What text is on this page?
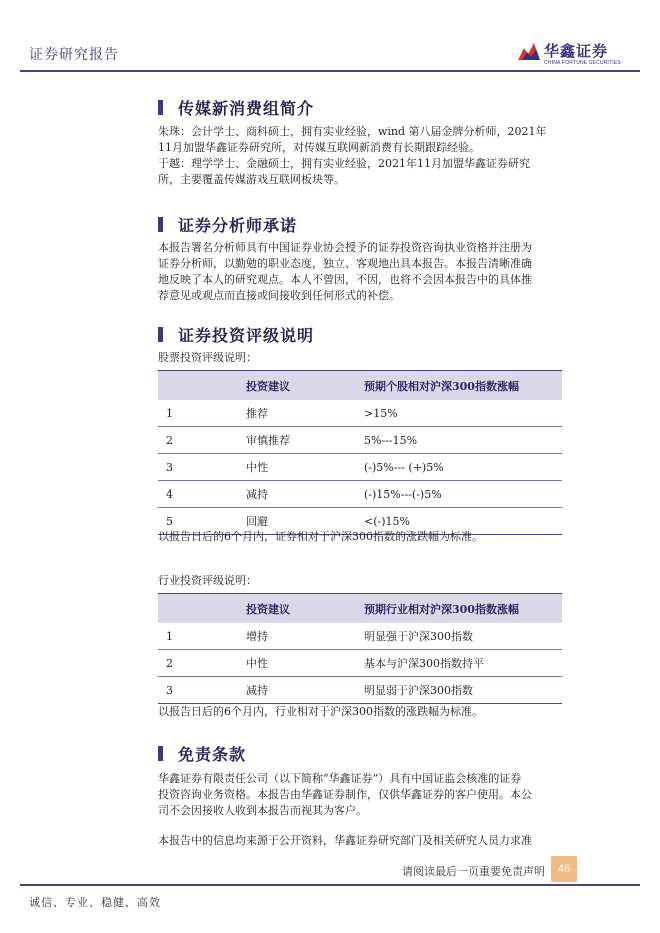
证券研究报告	华鑫证券
CHINA FORTUNE SECURITIES
传媒新消费组简介
朱珠：会计学士、商科硕士，拥有实业经验，wind 第八届金牌分析师，2021年
11月加盟华鑫证券研究所，对传媒互联网新消费有长期跟踪经验。
于越：理学学士、金融硕士，拥有实业经验，2021年11月加盟华鑫证券研究
所，主要覆盖传媒游戏互联网板块等。
证券分析师承诺
本报告署名分析师具有中国证券业协会授予的证券投资咨询执业资格并注册为
证券分析师，以勤勉的职业态度，独立、客观地出具本报告。本报告清晰准确
地反映了本人的研究观点。本人不曾因，不因，也将不会因本报告中的具体推
荐意见或观点而直接或间接收到任何形式的补偿。
证券投资评级说明
股票投资评级说明：
	投资建议	预期个股相对沪深300指数涨幅
1	推荐	>15%
2	审慎推荐	5%---15%
3	中性	(-)5%--- (+)5%
4	减持	(-)15%---(-)5%
5	回避	<(-)15%
以报告日后的6个月内，证券相对于沪深300指数的涨跌幅为标准。
行业投资评级说明：
	投资建议	预期行业相对沪深300指数涨幅
1	增持	明显强于沪深300指数
2	中性	基本与沪深300指数持平
3	减持	明显弱于沪深300指数
以报告日后的6个月内，行业相对于沪深300指数的涨跌幅为标准。
免责条款
华鑫证券有限责任公司（以下简称“华鑫证券”）具有中国证监会核准的证券
投资咨询业务资格。本报告由华鑫证券制作，仅供华鑫证券的客户使用。本公
司不会因接收人收到本报告而视其为客户。
本报告中的信息均来源于公开资料，华鑫证券研究部门及相关研究人员力求准
请阅读最后一页重要免责声明	46
诚信、专业、稳健、高效
